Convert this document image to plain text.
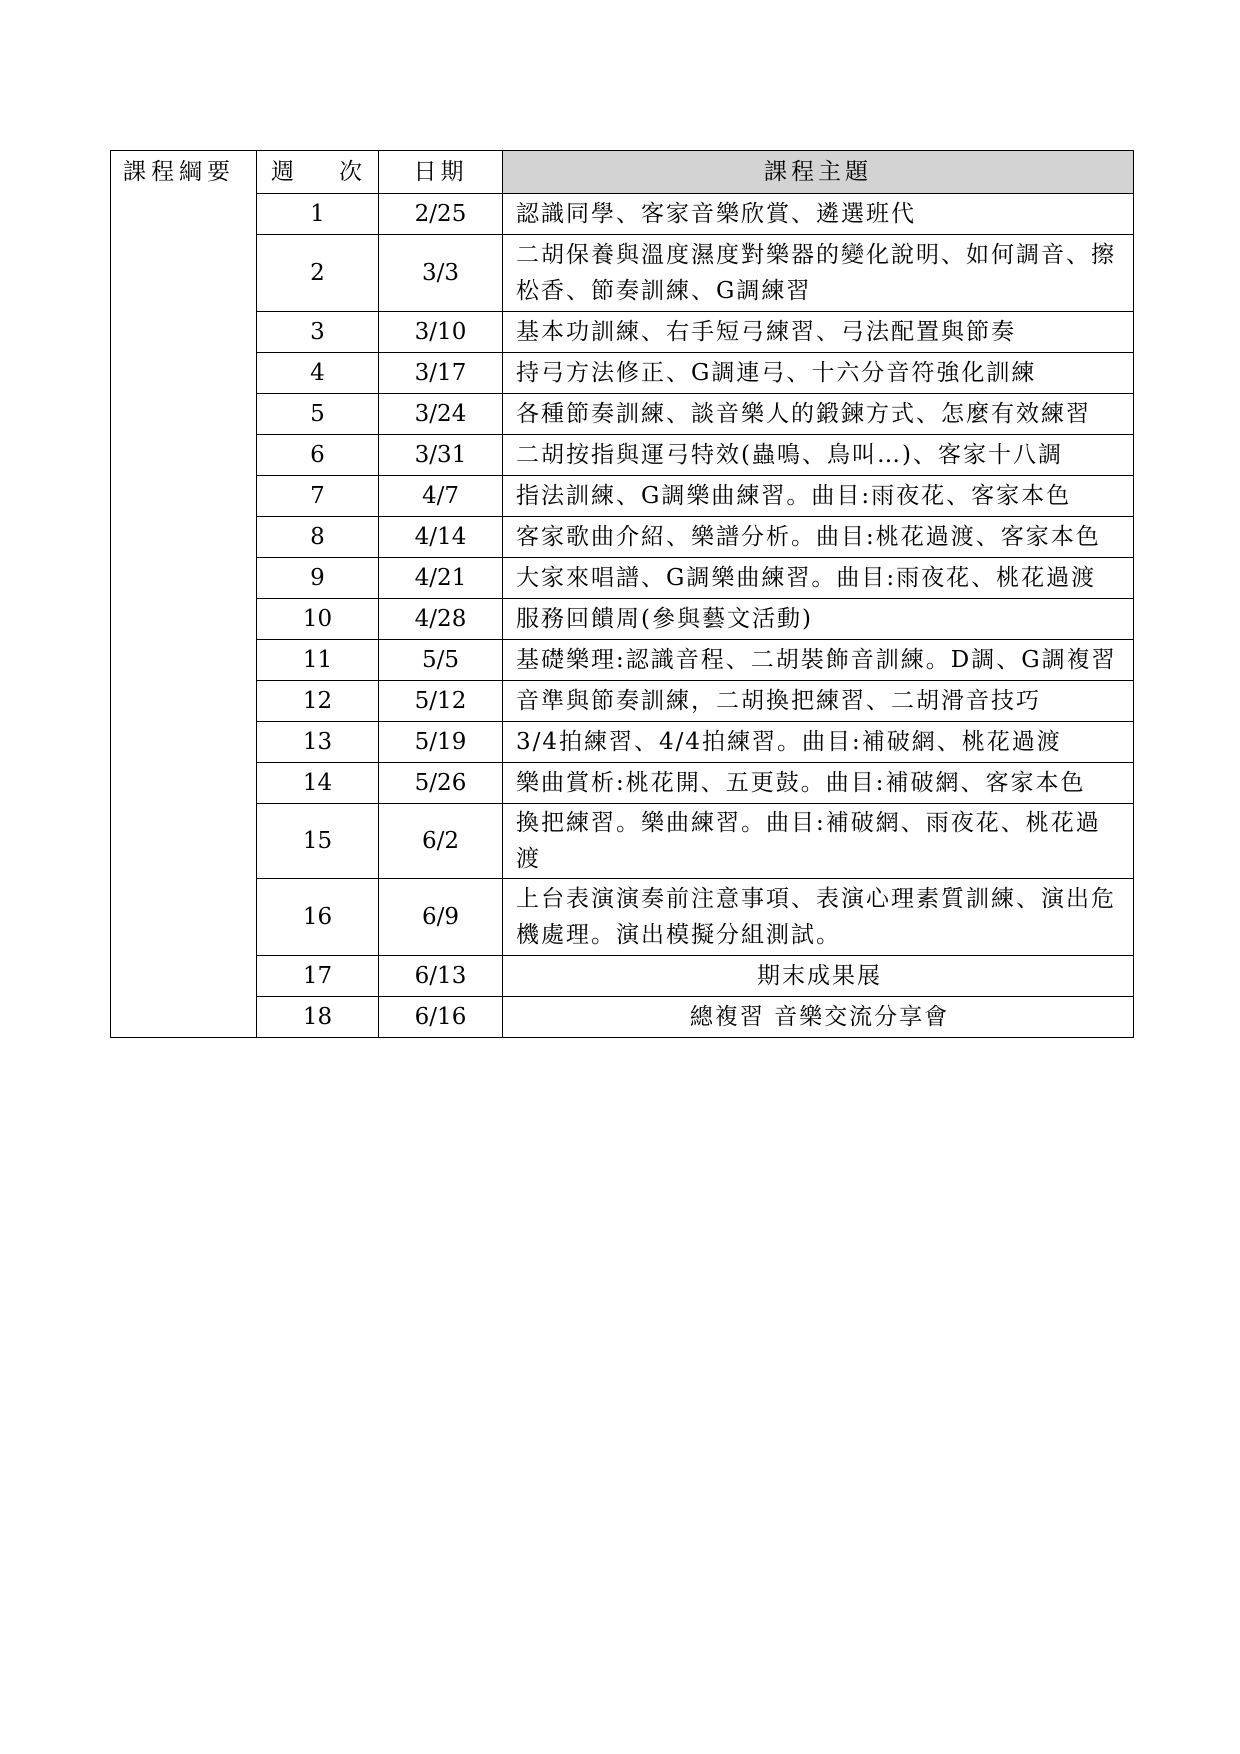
課程綱要	週 次	日期	課程主題
	1	2/25	認識同學、客家音樂欣賞、遴選班代
	2	3/3	二胡保養與溫度濕度對樂器的變化說明、如何調音、擦松香、節奏訓練、G調練習
	3	3/10	基本功訓練、右手短弓練習、弓法配置與節奏
	4	3/17	持弓方法修正、G調連弓、十六分音符強化訓練
	5	3/24	各種節奏訓練、談音樂人的鍛鍊方式、怎麼有效練習
	6	3/31	二胡按指與運弓特效(蟲鳴、鳥叫…)、客家十八調
	7	4/7	指法訓練、G調樂曲練習。曲目:雨夜花、客家本色
	8	4/14	客家歌曲介紹、樂譜分析。曲目:桃花過渡、客家本色
	9	4/21	大家來唱譜、G調樂曲練習。曲目:雨夜花、桃花過渡
	10	4/28	服務回饋周(參與藝文活動)
	11	5/5	基礎樂理:認識音程、二胡裝飾音訓練。D調、G調複習
	12	5/12	音準與節奏訓練，二胡換把練習、二胡滑音技巧
	13	5/19	3/4拍練習、4/4拍練習。曲目:補破網、桃花過渡
	14	5/26	樂曲賞析:桃花開、五更鼓。曲目:補破網、客家本色
	15	6/2	換把練習。樂曲練習。曲目:補破網、雨夜花、桃花過渡
	16	6/9	上台表演演奏前注意事項、表演心理素質訓練、演出危機處理。演出模擬分組測試。
	17	6/13	期末成果展
	18	6/16	總複習 音樂交流分享會
